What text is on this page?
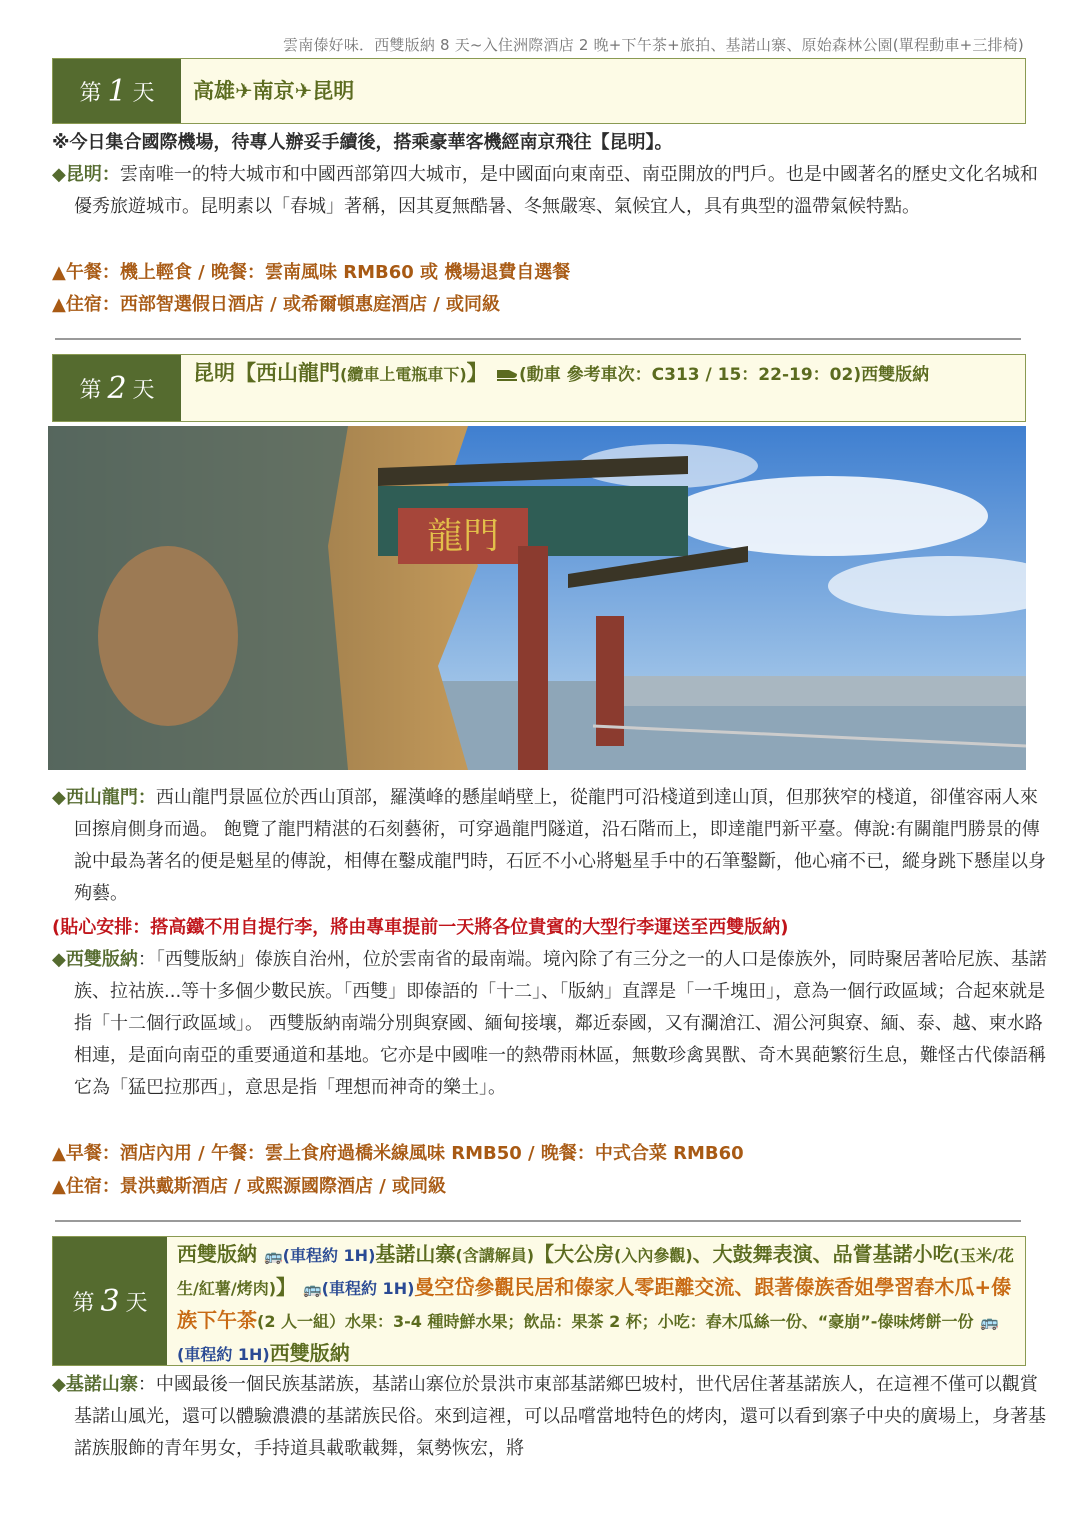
雲南傣好味．西雙版納 8 天~入住洲際酒店 2 晚+下午茶+旅拍、基諾山寨、原始森林公園(單程動車+三排椅)
第 1 天 高雄 ✈ 南京 ✈ 昆明
※今日集合國際機場，待專人辦妥手續後，搭乘豪華客機經南京飛往【昆明】。
◆昆明：雲南唯一的特大城市和中國西部第四大城市，是中國面向東南亞、南亞開放的門戶。也是中國著名的歷史文化名城和優秀旅遊城市。昆明素以「春城」著稱，因其夏無酷暑、冬無嚴寒、氣候宜人，具有典型的溫帶氣候特點。
▲午餐：機上輕食 / 晚餐：雲南風味 RMB60 或 機場退費自選餐
▲住宿：西部智選假日酒店 / 或希爾頓惠庭酒店 / 或同級
第 2 天
昆明【西山龍門(纜車上電瓶車下)】 (動車 參考車次：C313 / 15：22-19：02)西雙版納
龍門
◆西山龍門：西山龍門景區位於西山頂部，羅漢峰的懸崖峭壁上，從龍門可沿棧道到達山頂，但那狹窄的棧道，卻僅容兩人來回擦肩側身而過。 飽覽了龍門精湛的石刻藝術，可穿過龍門隧道，沿石階而上，即達龍門新平臺。傳說:有關龍門勝景的傳說中最為著名的便是魁星的傳說，相傳在鑿成龍門時，石匠不小心將魁星手中的石筆鑿斷，他心痛不已，縱身跳下懸崖以身殉藝。
(貼心安排：搭高鐵不用自提行李，將由專車提前一天將各位貴賓的大型行李運送至西雙版納)
◆西雙版納：「西雙版納」傣族自治州，位於雲南省的最南端。境內除了有三分之一的人口是傣族外，同時聚居著哈尼族、基諾族、拉祜族...等十多個少數民族。「西雙」即傣語的「十二」、「版納」直譯是「一千塊田」，意為一個行政區域；合起來就是指「十二個行政區域」。 西雙版納南端分別與寮國、緬甸接壤，鄰近泰國，又有瀾滄江、湄公河與寮、緬、泰、越、柬水路相連，是面向南亞的重要通道和基地。它亦是中國唯一的熱帶雨林區，無數珍禽異獸、奇木異葩繁衍生息，難怪古代傣語稱它為「猛巴拉那西」，意思是指「理想而神奇的樂土」。
▲早餐：酒店內用 / 午餐：雲上食府過橋米線風味 RMB50 / 晚餐：中式合菜 RMB60
▲住宿：景洪戴斯酒店 / 或熙源國際酒店 / 或同級
第 3 天
西雙版納 🚌(車程約 1H)基諾山寨(含講解員)【大公房(入內參觀)、大鼓舞表演、品嘗基諾小吃(玉米/花生/紅薯/烤肉)】 🚌(車程約 1H)曼空岱參觀民居和傣家人零距離交流、跟著傣族香姐學習舂木瓜+傣族下午茶(2 人一組）水果：3-4 種時鮮水果；飲品：果茶 2 杯；小吃：舂木瓜絲一份、“豪崩”-傣味烤餅一份 🚌(車程約 1H)西雙版納
◆基諾山寨：中國最後一個民族基諾族，基諾山寨位於景洪市東部基諾鄉巴坡村，世代居住著基諾族人，在這裡不僅可以觀賞基諾山風光，還可以體驗濃濃的基諾族民俗。來到這裡，可以品嚐當地特色的烤肉，還可以看到寨子中央的廣場上，身著基諾族服飾的青年男女，手持道具載歌載舞，氣勢恢宏，將
